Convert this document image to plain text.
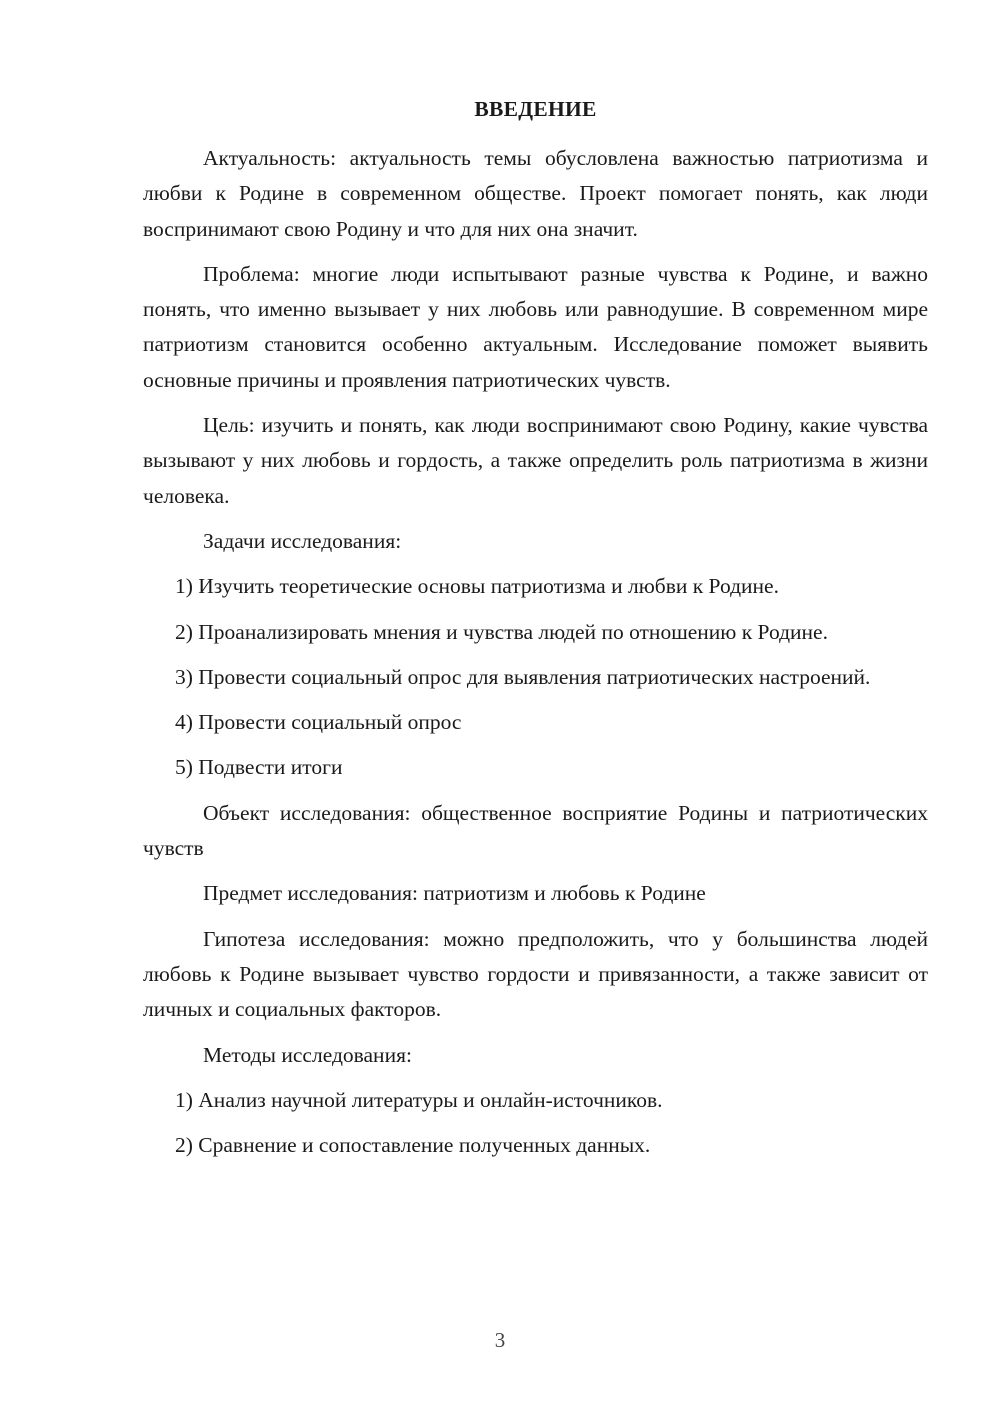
ВВЕДЕНИЕ

Актуальность: актуальность темы обусловлена важностью патриотизма и любви к Родине в современном обществе. Проект помогает понять, как люди воспринимают свою Родину и что для них она значит.

Проблема: многие люди испытывают разные чувства к Родине, и важно понять, что именно вызывает у них любовь или равнодушие. В современном мире патриотизм становится особенно актуальным. Исследование поможет выявить основные причины и проявления патриотических чувств.

Цель: изучить и понять, как люди воспринимают свою Родину, какие чувства вызывают у них любовь и гордость, а также определить роль патриотизма в жизни человека.

Задачи исследования:

1) Изучить теоретические основы патриотизма и любви к Родине.

2) Проанализировать мнения и чувства людей по отношению к Родине.

3) Провести социальный опрос для выявления патриотических настроений.

4) Провести социальный опрос

5) Подвести итоги

Объект исследования: общественное восприятие Родины и патриотических чувств

Предмет исследования: патриотизм и любовь к Родине

Гипотеза исследования: можно предположить, что у большинства людей любовь к Родине вызывает чувство гордости и привязанности, а также зависит от личных и социальных факторов.

Методы исследования:

1) Анализ научной литературы и онлайн-источников.

2) Сравнение и сопоставление полученных данных.

3
